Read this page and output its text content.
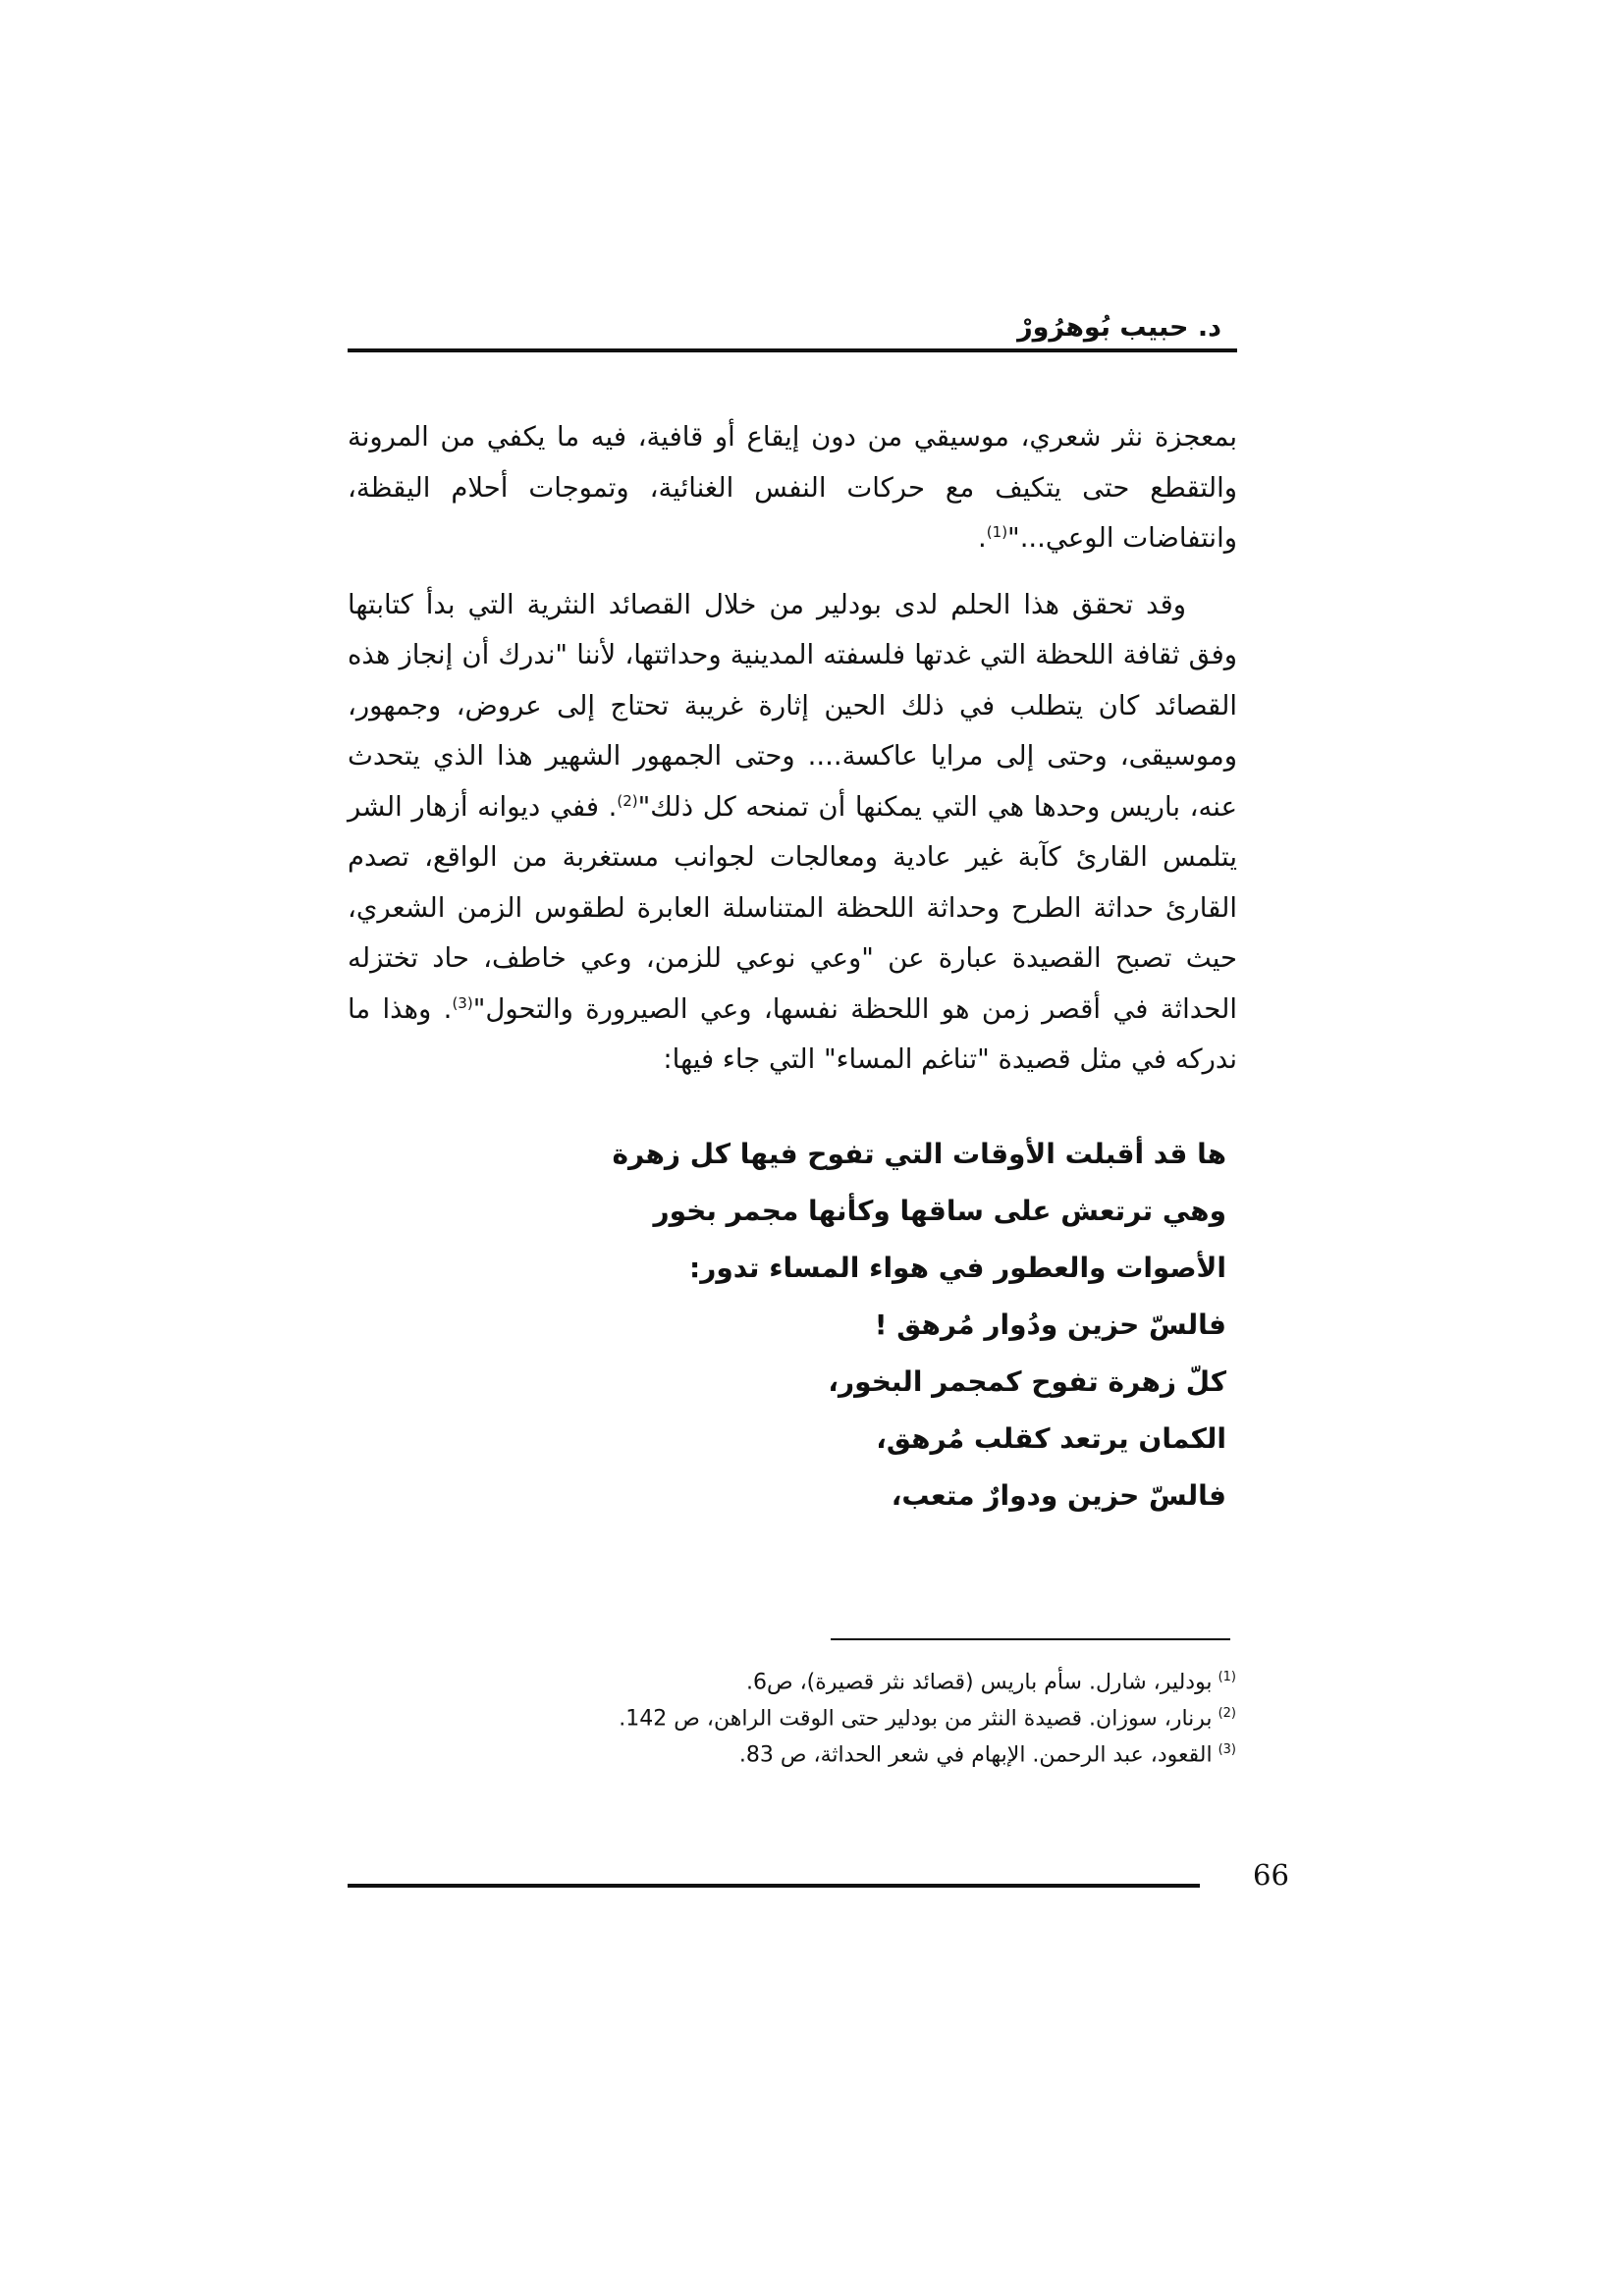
د. حبيب بُوهرُورْ

بمعجزة نثر شعري، موسيقي من دون إيقاع أو قافية، فيه ما يكفي من المرونة والتقطع حتى يتكيف مع حركات النفس الغنائية، وتموجات أحلام اليقظة، وانتفاضات الوعي..."$^{(1)}$.

وقد تحقق هذا الحلم لدى بودلير من خلال القصائد النثرية التي بدأ كتابتها وفق ثقافة اللحظة التي غدتها فلسفته المدينية وحداثتها، لأننا "ندرك أن إنجاز هذه القصائد كان يتطلب في ذلك الحين إثارة غريبة تحتاج إلى عروض، وجمهور، وموسيقى، وحتى إلى مرايا عاكسة.... وحتى الجمهور الشهير هذا الذي يتحدث عنه، باريس وحدها هي التي يمكنها أن تمنحه كل ذلك"$^{(2)}$. ففي ديوانه أزهار الشر يتلمس القارئ كآبة غير عادية ومعالجات لجوانب مستغربة من الواقع، تصدم القارئ حداثة الطرح وحداثة اللحظة المتناسلة العابرة لطقوس الزمن الشعري، حيث تصبح القصيدة عبارة عن "وعي نوعي للزمن، وعي خاطف، حاد تختزله الحداثة في أقصر زمن هو اللحظة نفسها، وعي الصيرورة والتحول"$^{(3)}$. وهذا ما ندركه في مثل قصيدة "تناغم المساء" التي جاء فيها:

ها قد أقبلت الأوقات التي تفوح فيها كل زهرة
وهي ترتعش على ساقها وكأنها مجمر بخور
الأصوات والعطور في هواء المساء تدور:
فالسّ حزين ودُوار مُرهق !
كلّ زهرة تفوح كمجمر البخور،
الكمان يرتعد كقلب مُرهق،
فالسّ حزين ودوارٌ متعب،
$^{(1)}$بودلير، شارل. سأم باريس (قصائد نثر قصيرة)، ص6.
$^{(2)}$برنار، سوزان. قصيدة النثر من بودلير حتى الوقت الراهن، ص 142.
$^{(3)}$القعود، عبد الرحمن. الإبهام في شعر الحداثة، ص 83.
66
